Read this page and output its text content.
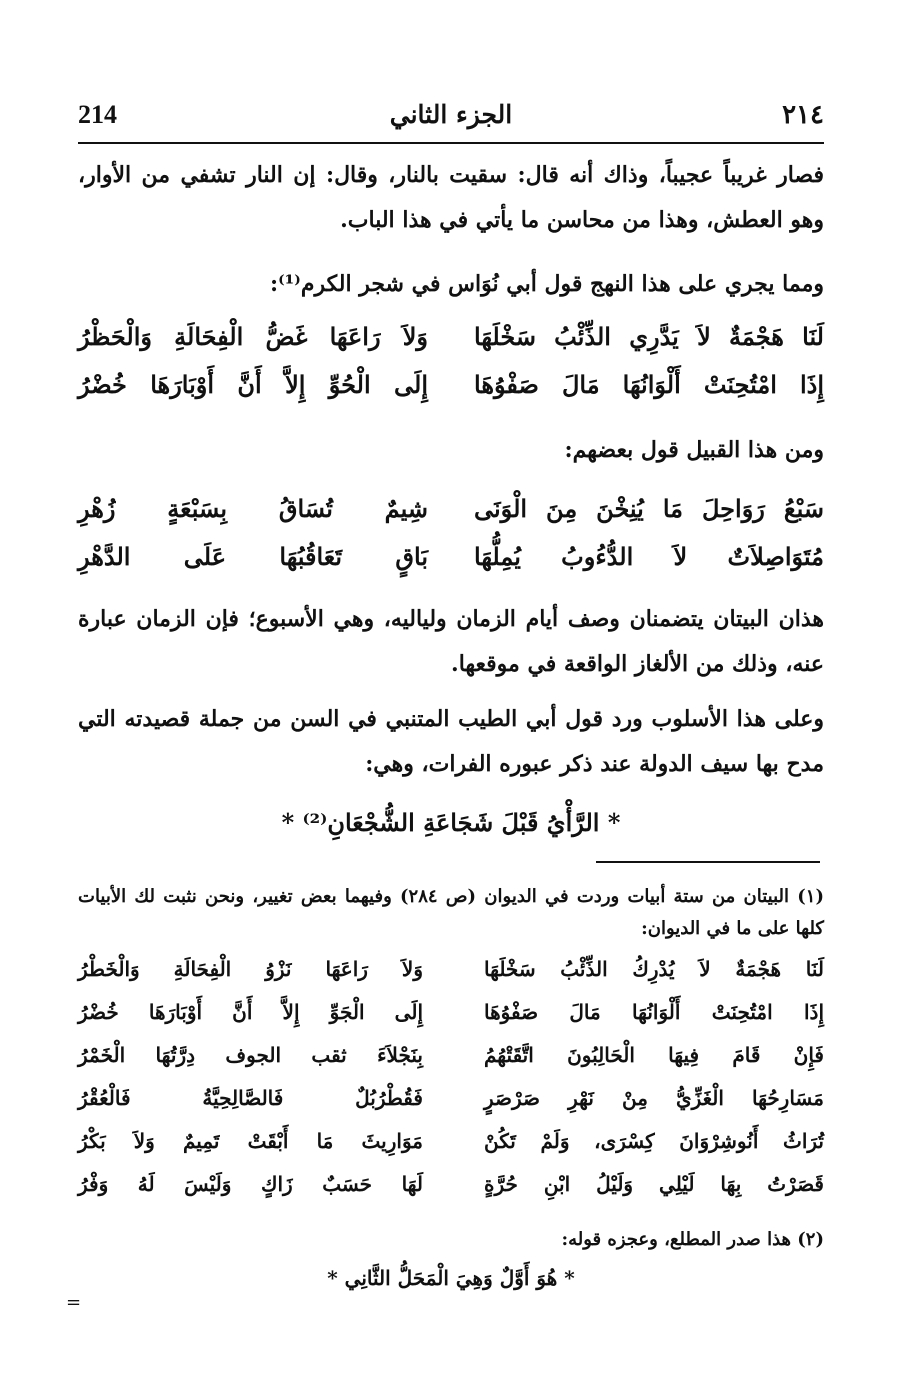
214	الجزء الثاني	٢١٤

فصار غريباً عجيباً، وذاك أنه قال: سقيت بالنار، وقال: إن النار تشفي من الأوار، وهو العطش، وهذا من محاسن ما يأتي في هذا الباب.

ومما يجري على هذا النهج قول أبي نُوَاس في شجر الكرم⁽¹⁾:

لَنَا هَجْمَةٌ لاَ يَدَّرِي الذِّئْبُ سَخْلَهَا
وَلاَ رَاعَهَا غَضُّ الْفِحَالَةِ وَالْحَظْرُ
إِذَا امْتُحِنَتْ أَلْوَانُهَا مَالَ صَفْوُهَا
إِلَى الْحُوِّ إِلاَّ أَنَّ أَوْبَارَهَا خُضْرُ

ومن هذا القبيل قول بعضهم:

سَبْعُ رَوَاحِلَ مَا يُنِخْنَ مِنَ الْوَنَى
شِيمٌ تُسَاقُ بِسَبْعَةٍ زُهْرِ
مُتَوَاصِلاَتٌ لاَ الدُّءُوبُ يُمِلُّهَا
بَاقٍ تَعَاقُبُهَا عَلَى الدَّهْرِ

هذان البيتان يتضمنان وصف أيام الزمان ولياليه، وهي الأسبوع؛ فإن الزمان عبارة عنه، وذلك من الألغاز الواقعة في موقعها.

وعلى هذا الأسلوب ورد قول أبي الطيب المتنبي في السن من جملة قصيدته التي مدح بها سيف الدولة عند ذكر عبوره الفرات، وهي:

* الرَّأْيُ قَبْلَ شَجَاعَةِ الشُّجْعَانِ⁽²⁾ *

(١) البيتان من ستة أبيات وردت في الديوان (ص ٢٨٤) وفيهما بعض تغيير، ونحن نثبت لك الأبيات كلها على ما في الديوان:

لَنَا هَجْمَةٌ لاَ يُدْرِكُ الذِّئْبُ سَخْلَهَا
وَلاَ رَاعَهَا نَزْوُ الْفِحَالَةِ وَالْخَطْرُ
إِذَا امْتُحِنَتْ أَلْوَانُهَا مَالَ صَفْوُهَا
إِلَى الْجَوِّ إِلاَّ أَنَّ أَوْبَارَهَا خُضْرُ
فَإِنْ قَامَ فِيهَا الْحَالِبُونَ اتَّقَتْهُمُ
بِنَجْلاَءَ ثقب الجوف دِرَّتُهَا الْخَمْرُ
مَسَارِحُهَا الْغَزِّيُّ مِنْ نَهْرِ صَرْصَرٍ
فَقُطْرُبُلٌ فَالصَّالِحِيَّةُ فَالْعُقْرُ
تُرَاثُ أَنُوشِرْوَانَ كِسْرَى، وَلَمْ تَكُنْ
مَوَارِيثَ مَا أَبْقَتْ تَمِيمٌ وَلاَ بَكْرُ
قَصَرْتُ بِهَا لَيْلِي وَلَيْلُ ابْنِ حُرَّةٍ
لَهَا حَسَبٌ زَاكٍ وَلَيْسَ لَهُ وَفْرُ

(٢) هذا صدر المطلع، وعجزه قوله:

* هُوَ أَوَّلٌ وَهِيَ الْمَحَلُّ الثَّانِي *
=
